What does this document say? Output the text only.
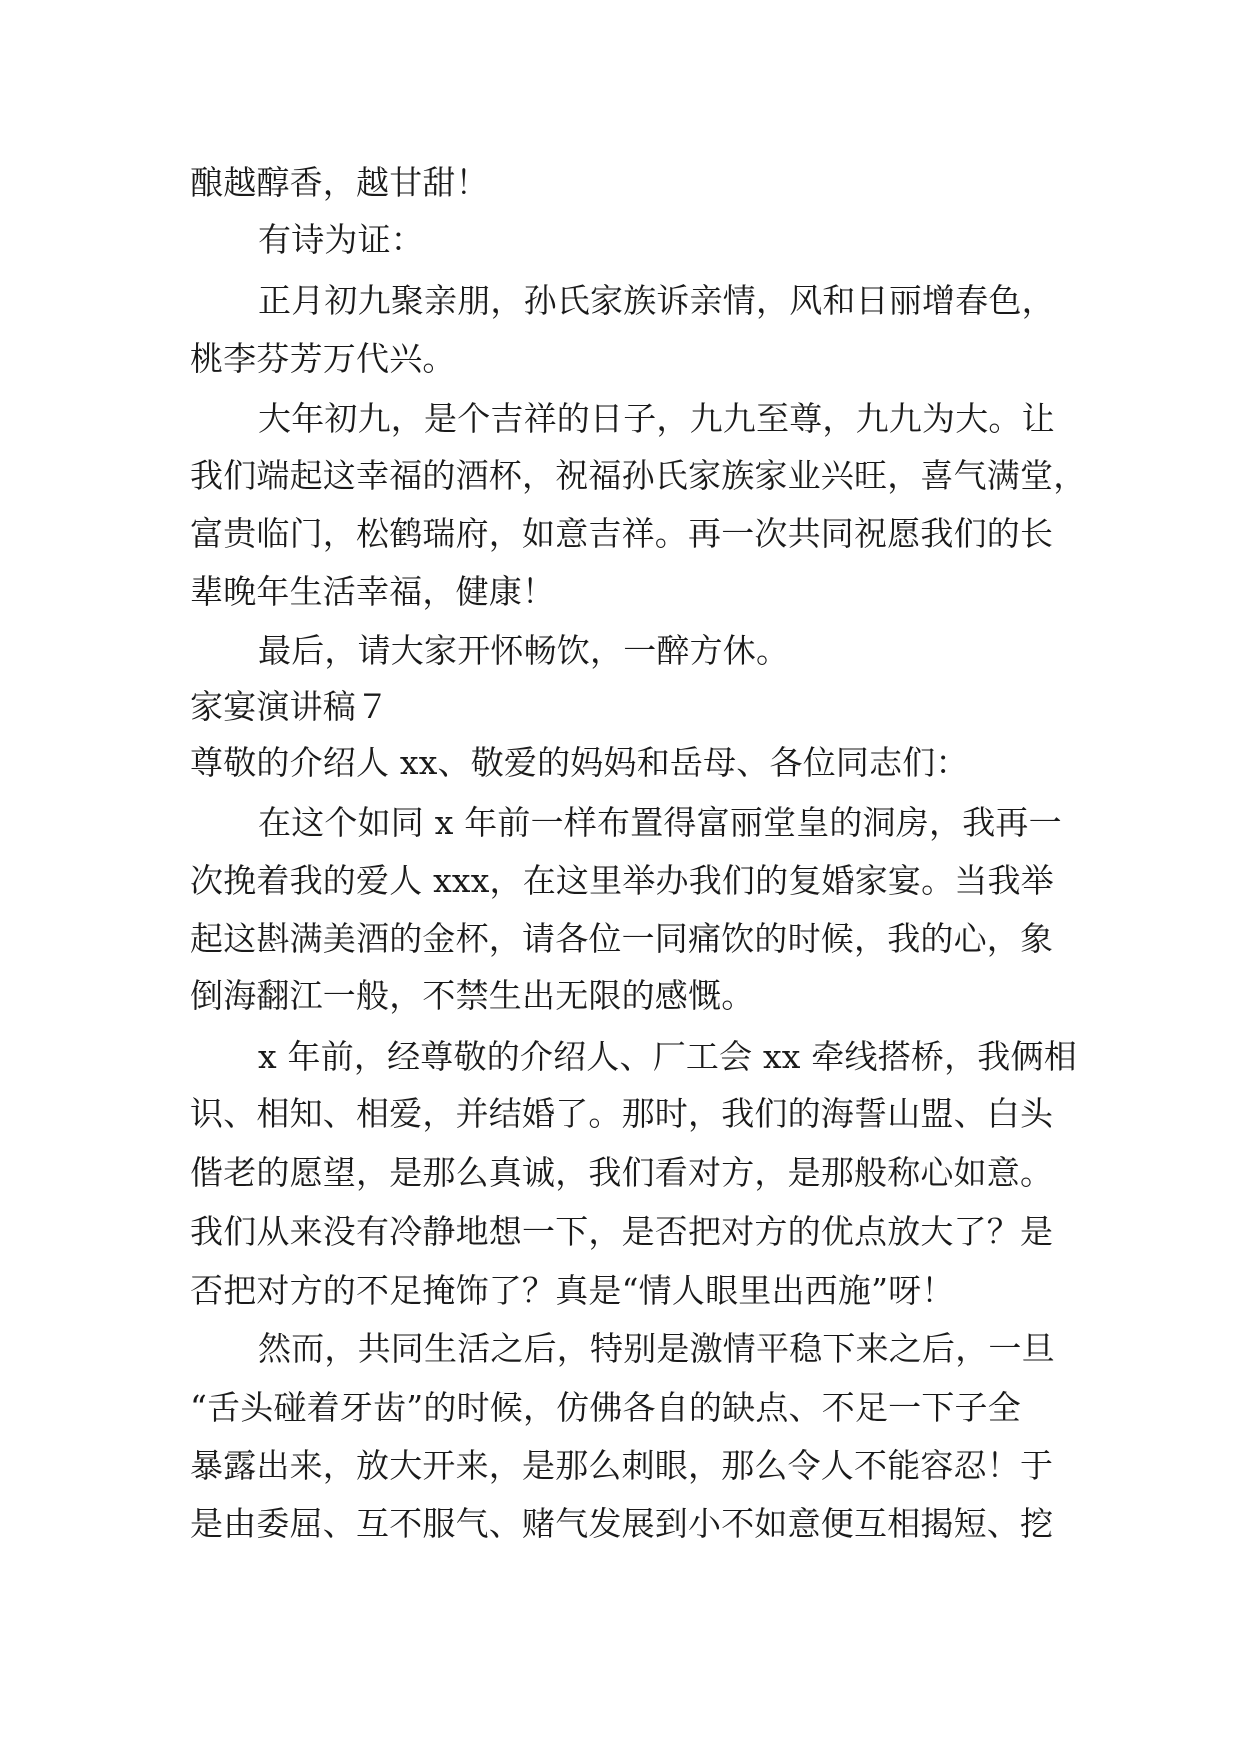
酿越醇香，越甘甜！
有诗为证：
正月初九聚亲朋，孙氏家族诉亲情，风和日丽增春色，
桃李芬芳万代兴。
大年初九，是个吉祥的日子，九九至尊，九九为大。让
我们端起这幸福的酒杯，祝福孙氏家族家业兴旺，喜气满堂，
富贵临门，松鹤瑞府，如意吉祥。再一次共同祝愿我们的长
辈晚年生活幸福，健康！
最后，请大家开怀畅饮，一醉方休。
家宴演讲稿７
尊敬的介绍人 xx、敬爱的妈妈和岳母、各位同志们：
在这个如同 x 年前一样布置得富丽堂皇的洞房，我再一
次挽着我的爱人 xxx，在这里举办我们的复婚家宴。当我举
起这斟满美酒的金杯，请各位一同痛饮的时候，我的心，象
倒海翻江一般，不禁生出无限的感慨。
x 年前，经尊敬的介绍人、厂工会 xx 牵线搭桥，我俩相
识、相知、相爱，并结婚了。那时，我们的海誓山盟、白头
偕老的愿望，是那么真诚，我们看对方，是那般称心如意。
我们从来没有冷静地想一下，是否把对方的优点放大了？是
否把对方的不足掩饰了？真是“情人眼里出西施”呀！
然而，共同生活之后，特别是激情平稳下来之后，一旦
“舌头碰着牙齿”的时候，仿佛各自的缺点、不足一下子全
暴露出来，放大开来，是那么刺眼，那么令人不能容忍！于
是由委屈、互不服气、赌气发展到小不如意便互相揭短、挖
